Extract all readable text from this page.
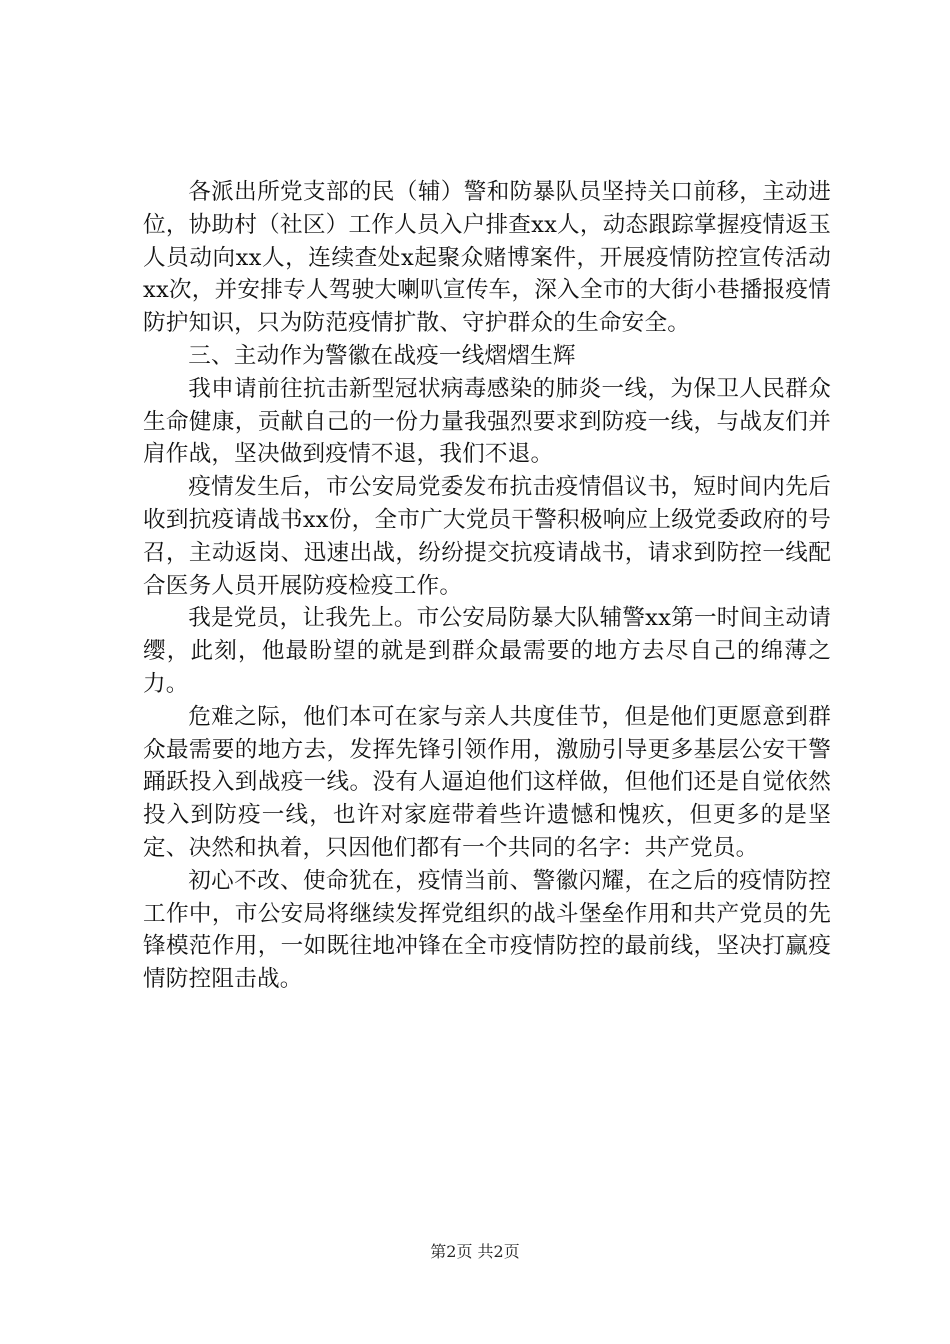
各派出所党支部的民（辅）警和防暴队员坚持关口前移，主动进位，协助村（社区）工作人员入户排查xx人，动态跟踪掌握疫情返玉人员动向xx人，连续查处x起聚众赌博案件，开展疫情防控宣传活动xx次，并安排专人驾驶大喇叭宣传车，深入全市的大街小巷播报疫情防护知识，只为防范疫情扩散、守护群众的生命安全。

三、主动作为警徽在战疫一线熠熠生辉

我申请前往抗击新型冠状病毒感染的肺炎一线，为保卫人民群众生命健康，贡献自己的一份力量我强烈要求到防疫一线，与战友们并肩作战，坚决做到疫情不退，我们不退。

疫情发生后，市公安局党委发布抗击疫情倡议书，短时间内先后收到抗疫请战书xx份，全市广大党员干警积极响应上级党委政府的号召，主动返岗、迅速出战，纷纷提交抗疫请战书，请求到防控一线配合医务人员开展防疫检疫工作。

我是党员，让我先上。市公安局防暴大队辅警xx第一时间主动请缨，此刻，他最盼望的就是到群众最需要的地方去尽自己的绵薄之力。

危难之际，他们本可在家与亲人共度佳节，但是他们更愿意到群众最需要的地方去，发挥先锋引领作用，激励引导更多基层公安干警踊跃投入到战疫一线。没有人逼迫他们这样做，但他们还是自觉依然投入到防疫一线，也许对家庭带着些许遗憾和愧疚，但更多的是坚定、决然和执着，只因他们都有一个共同的名字：共产党员。

初心不改、使命犹在，疫情当前、警徽闪耀，在之后的疫情防控工作中，市公安局将继续发挥党组织的战斗堡垒作用和共产党员的先锋模范作用，一如既往地冲锋在全市疫情防控的最前线，坚决打赢疫情防控阻击战。

第2页 共2页
